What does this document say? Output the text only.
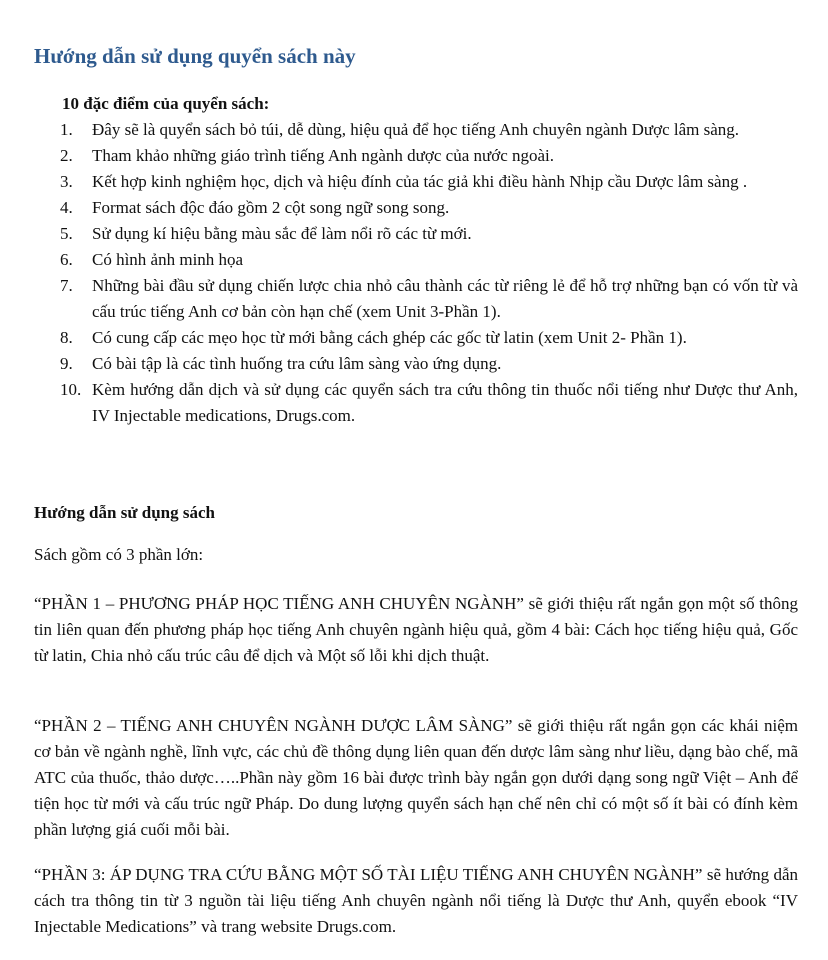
Hướng dẫn sử dụng quyển sách này

10 đặc điểm của quyển sách:

1.	Đây sẽ là quyển sách bỏ túi, dễ dùng, hiệu quả để học tiếng Anh chuyên ngành Dược lâm sàng.
2.	Tham khảo những giáo trình tiếng Anh ngành dược của nước ngoài.
3.	Kết hợp kinh nghiệm học, dịch và hiệu đính của tác giả khi điều hành Nhịp cầu Dược lâm sàng .
4.	Format sách độc đáo gồm 2 cột song ngữ song song.
5.	Sử dụng kí hiệu bằng màu sắc để làm nổi rõ các từ mới.
6.	Có hình ảnh minh họa
7.	Những bài đầu sử dụng chiến lược chia nhỏ câu thành các từ riêng lẻ để hỗ trợ những bạn có vốn từ và cấu trúc tiếng Anh cơ bản còn hạn chế (xem Unit 3-Phần 1).
8.	Có cung cấp các mẹo học từ mới bằng cách ghép các gốc từ latin (xem Unit 2- Phần 1).
9.	Có bài tập là các tình huống tra cứu lâm sàng vào ứng dụng.
10. Kèm hướng dẫn dịch và sử dụng các quyển sách tra cứu thông tin thuốc nổi tiếng như Dược thư Anh, IV Injectable medications, Drugs.com.

Hướng dẫn sử dụng sách

Sách gồm có 3 phần lớn:

“PHẦN 1 – PHƯƠNG PHÁP HỌC TIẾNG ANH CHUYÊN NGÀNH” sẽ giới thiệu rất ngắn gọn một số thông tin liên quan đến phương pháp học tiếng Anh chuyên ngành hiệu quả, gồm 4 bài: Cách học tiếng hiệu quả, Gốc từ latin, Chia nhỏ cấu trúc câu để dịch và Một số lỗi khi dịch thuật.

“PHẦN 2 – TIẾNG ANH CHUYÊN NGÀNH DƯỢC LÂM SÀNG” sẽ giới thiệu rất ngắn gọn các khái niệm cơ bản về ngành nghề, lĩnh vực, các chủ đề thông dụng liên quan đến dược lâm sàng như liều, dạng bào chế, mã ATC của thuốc, thảo dược…..Phần này gồm 16 bài được trình bày ngắn gọn dưới dạng song ngữ Việt – Anh để tiện học từ mới và cấu trúc ngữ Pháp. Do dung lượng quyển sách hạn chế nên chỉ có một số ít bài có đính kèm phần lượng giá cuối mỗi bài.

“PHẦN 3: ÁP DỤNG TRA CỨU BẰNG MỘT SỐ TÀI LIỆU TIẾNG ANH CHUYÊN NGÀNH” sẽ hướng dẫn cách tra thông tin từ 3 nguồn tài liệu tiếng Anh chuyên ngành nổi tiếng là Dược thư Anh, quyển ebook “IV Injectable Medications” và trang website Drugs.com.
